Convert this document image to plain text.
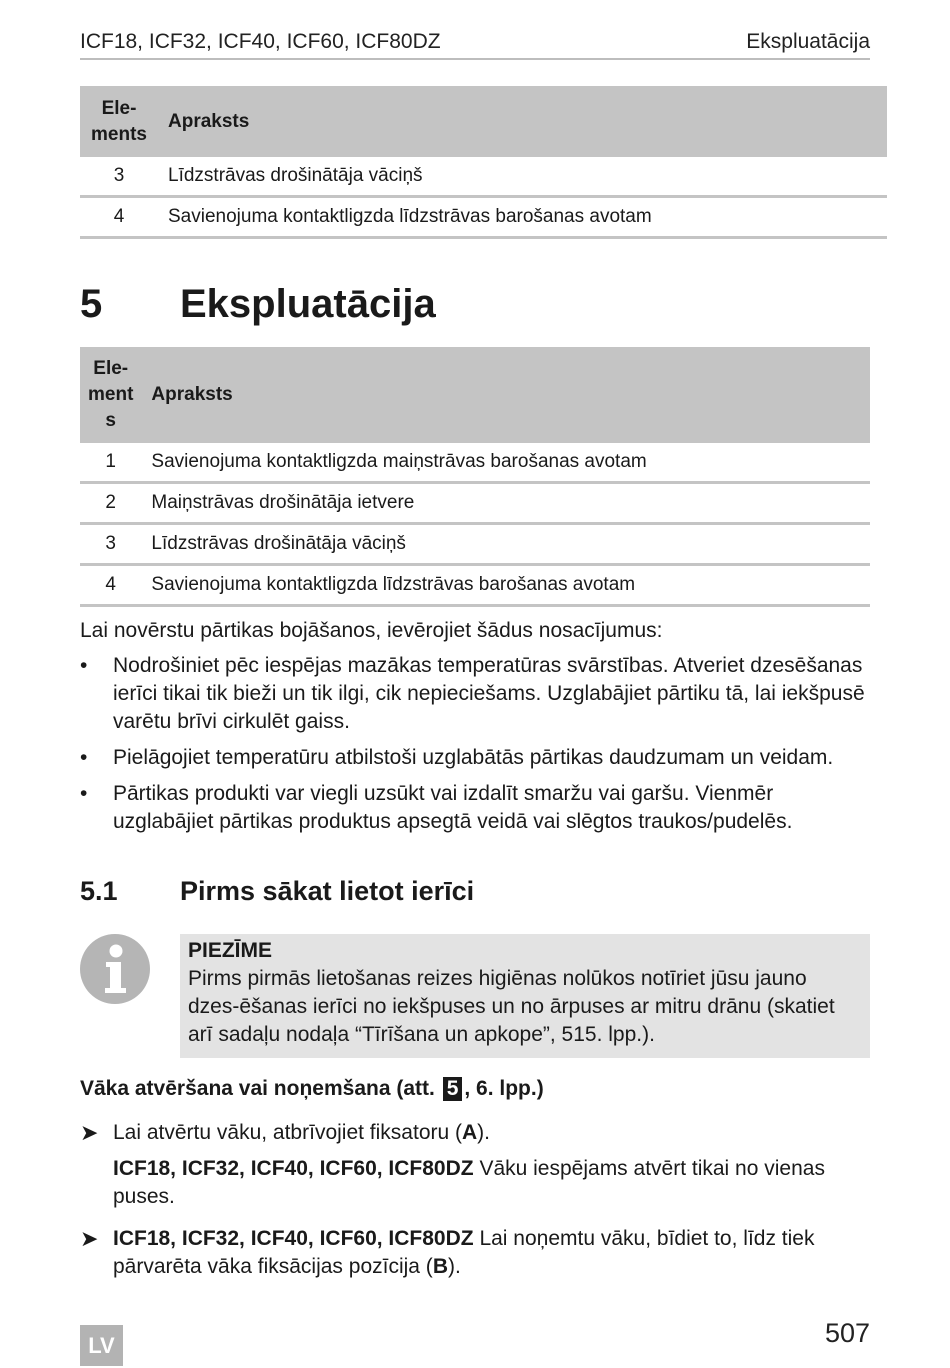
ICF18, ICF32, ICF40, ICF60, ICF80DZ	Ekspluatācija
Ele-
ments	Apraksts
3	Līdzstrāvas drošinātāja vāciņš
4	Savienojuma kontaktligzda līdzstrāvas barošanas avotam
5 Ekspluatācija
Ele-
ment
s	Apraksts
1	Savienojuma kontaktligzda maiņstrāvas barošanas avotam
2	Maiņstrāvas drošinātāja ietvere
3	Līdzstrāvas drošinātāja vāciņš
4	Savienojuma kontaktligzda līdzstrāvas barošanas avotam
Lai novērstu pārtikas bojāšanos, ievērojiet šādus nosacījumus:
• Nodrošiniet pēc iespējas mazākas temperatūras svārstības. Atveriet dzesēšanas ierīci tikai tik bieži un tik ilgi, cik nepieciešams. Uzglabājiet pārtiku tā, lai iekšpusē varētu brīvi cirkulēt gaiss.
• Pielāgojiet temperatūru atbilstoši uzglabātās pārtikas daudzumam un veidam.
• Pārtikas produkti var viegli uzsūkt vai izdalīt smaržu vai garšu. Vienmēr uzglabājiet pārtikas produktus apsegtā veidā vai slēgtos traukos/pudelēs.
5.1 Pirms sākat lietot ierīci
PIEZĪME
Pirms pirmās lietošanas reizes higiēnas nolūkos notīriet jūsu jauno dzes-ēšanas ierīci no iekšpuses un no ārpuses ar mitru drānu (skatiet arī sadaļu nodaļa “Tīrīšana un apkope”, 515. lpp.).
Vāka atvēršana vai noņemšana (att. 5 , 6. lpp.)
➤ Lai atvērtu vāku, atbrīvojiet fiksatoru (A).
ICF18, ICF32, ICF40, ICF60, ICF80DZ Vāku iespējams atvērt tikai no vienas puses.
➤ ICF18, ICF32, ICF40, ICF60, ICF80DZ Lai noņemtu vāku, bīdiet to, līdz tiek pārvarēta vāka fiksācijas pozīcija (B).
LV	507
